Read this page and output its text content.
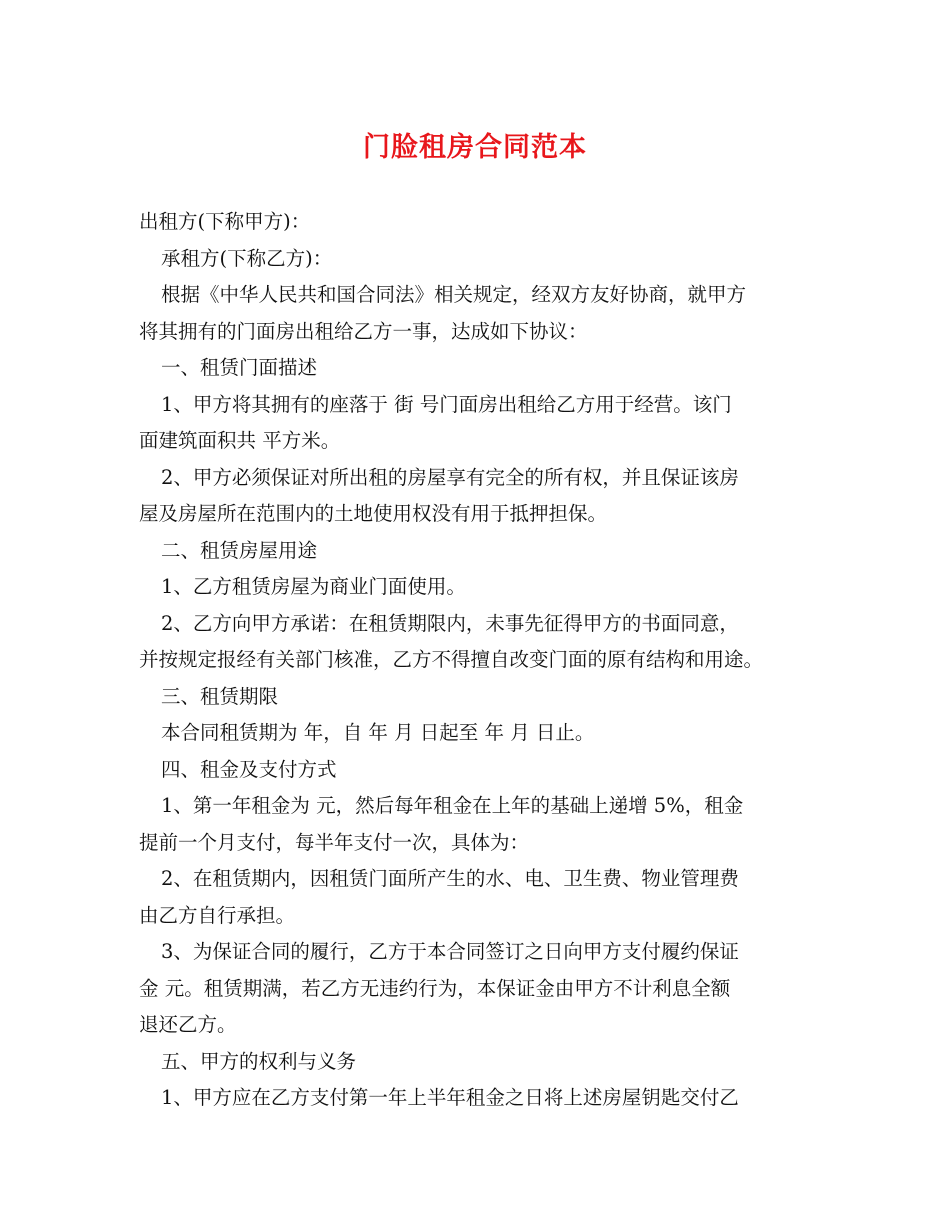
门脸租房合同范本
出租方(下称甲方)：
承租方(下称乙方)：
根据《中华人民共和国合同法》相关规定，经双方友好协商，就甲方
将其拥有的门面房出租给乙方一事，达成如下协议：
一、租赁门面描述
1、甲方将其拥有的座落于 街 号门面房出租给乙方用于经营。该门
面建筑面积共 平方米。
2、甲方必须保证对所出租的房屋享有完全的所有权，并且保证该房
屋及房屋所在范围内的土地使用权没有用于抵押担保。
二、租赁房屋用途
1、乙方租赁房屋为商业门面使用。
2、乙方向甲方承诺：在租赁期限内，未事先征得甲方的书面同意，
并按规定报经有关部门核准，乙方不得擅自改变门面的原有结构和用途。
三、租赁期限
本合同租赁期为 年，自 年 月 日起至 年 月 日止。
四、租金及支付方式
1、第一年租金为 元，然后每年租金在上年的基础上递增 5%，租金
提前一个月支付，每半年支付一次，具体为：
2、在租赁期内，因租赁门面所产生的水、电、卫生费、物业管理费
由乙方自行承担。
3、为保证合同的履行，乙方于本合同签订之日向甲方支付履约保证
金 元。租赁期满，若乙方无违约行为，本保证金由甲方不计利息全额
退还乙方。
五、甲方的权利与义务
1、甲方应在乙方支付第一年上半年租金之日将上述房屋钥匙交付乙
